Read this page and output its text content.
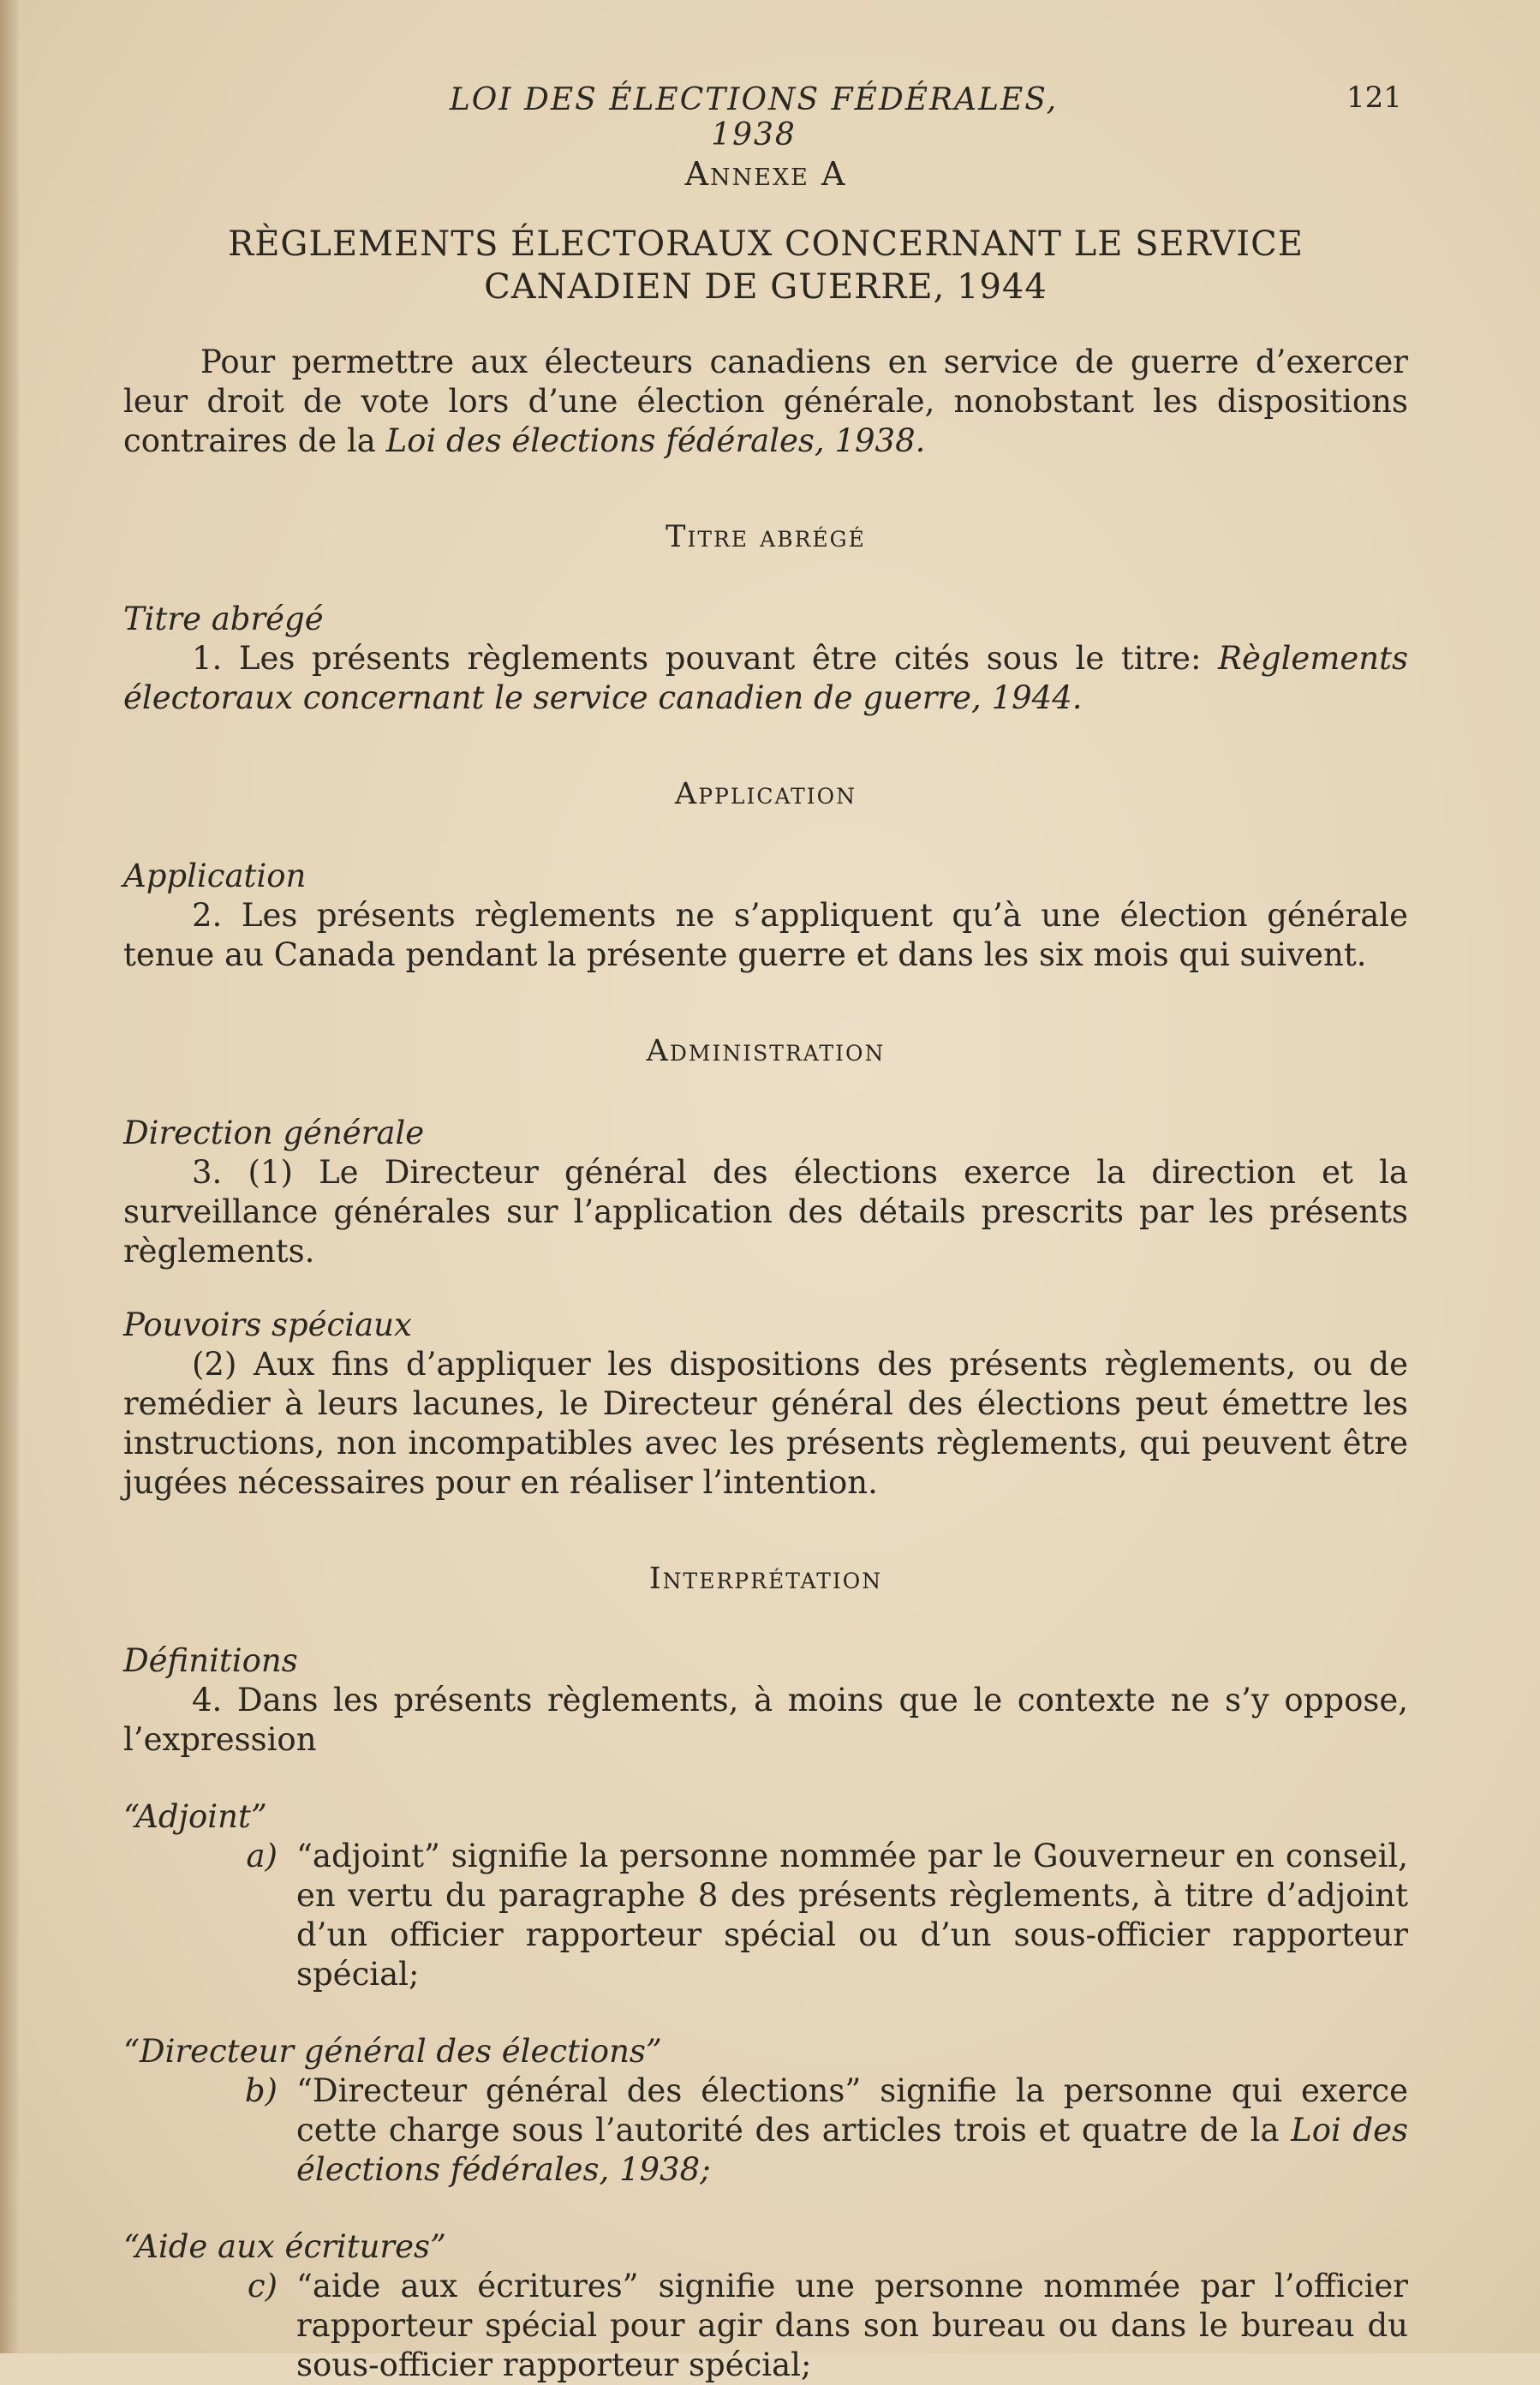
LOI DES ÉLECTIONS FÉDÉRALES, 1938
121
Annexe A
RÈGLEMENTS ÉLECTORAUX CONCERNANT LE SERVICE CANADIEN DE GUERRE, 1944

Pour permettre aux électeurs canadiens en service de guerre d’exercer leur droit de vote lors d’une élection générale, nonobstant les dispositions contraires de la Loi des élections fédérales, 1938.

Titre abrégé

Titre abrégé

1. Les présents règlements pouvant être cités sous le titre: Règlements électoraux concernant le service canadien de guerre, 1944.

Application

Application

2. Les présents règlements ne s’appliquent qu’à une élection générale tenue au Canada pendant la présente guerre et dans les six mois qui suivent.

Administration

Direction générale

3. (1) Le Directeur général des élections exerce la direction et la surveillance générales sur l’application des détails prescrits par les présents règlements.

Pouvoirs spéciaux

(2) Aux fins d’appliquer les dispositions des présents règlements, ou de remédier à leurs lacunes, le Directeur général des élections peut émettre les instructions, non incompatibles avec les présents règlements, qui peuvent être jugées nécessaires pour en réaliser l’intention.

Interprétation

Définitions

4. Dans les présents règlements, à moins que le contexte ne s’y oppose, l’expression

“Adjoint”

a) “adjoint” signifie la personne nommée par le Gouverneur en conseil, en vertu du paragraphe 8 des présents règlements, à titre d’adjoint d’un officier rapporteur spécial ou d’un sous-officier rapporteur spécial;

“Directeur général des élections”

b) “Directeur général des élections” signifie la personne qui exerce cette charge sous l’autorité des articles trois et quatre de la Loi des élections fédérales, 1938;

“Aide aux écritures”

c) “aide aux écritures” signifie une personne nommée par l’officier rapporteur spécial pour agir dans son bureau ou dans le bureau du sous-officier rapporteur spécial;
